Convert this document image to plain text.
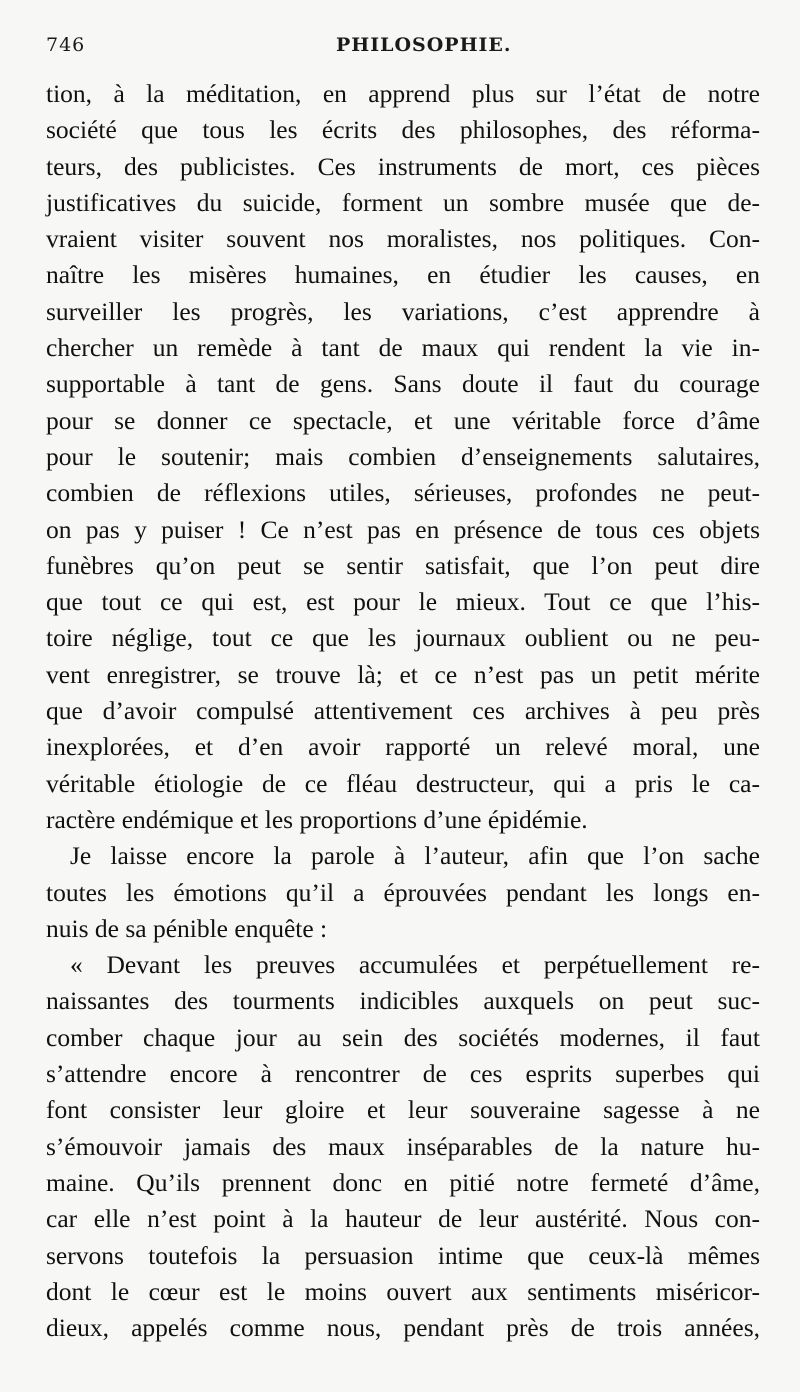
746	PHILOSOPHIE.
tion, à la méditation, en apprend plus sur l’état de notre
société que tous les écrits des philosophes, des réforma-
teurs, des publicistes. Ces instruments de mort, ces pièces
justificatives du suicide, forment un sombre musée que de-
vraient visiter souvent nos moralistes, nos politiques. Con-
naître les misères humaines, en étudier les causes, en
surveiller les progrès, les variations, c’est apprendre à
chercher un remède à tant de maux qui rendent la vie in-
supportable à tant de gens. Sans doute il faut du courage
pour se donner ce spectacle, et une véritable force d’âme
pour le soutenir; mais combien d’enseignements salutaires,
combien de réflexions utiles, sérieuses, profondes ne peut-
on pas y puiser ! Ce n’est pas en présence de tous ces objets
funèbres qu’on peut se sentir satisfait, que l’on peut dire
que tout ce qui est, est pour le mieux. Tout ce que l’his-
toire néglige, tout ce que les journaux oublient ou ne peu-
vent enregistrer, se trouve là; et ce n’est pas un petit mérite
que d’avoir compulsé attentivement ces archives à peu près
inexplorées, et d’en avoir rapporté un relevé moral, une
véritable étiologie de ce fléau destructeur, qui a pris le ca-
ractère endémique et les proportions d’une épidémie.
Je laisse encore la parole à l’auteur, afin que l’on sache
toutes les émotions qu’il a éprouvées pendant les longs en-
nuis de sa pénible enquête :
« Devant les preuves accumulées et perpétuellement re-
naissantes des tourments indicibles auxquels on peut suc-
comber chaque jour au sein des sociétés modernes, il faut
s’attendre encore à rencontrer de ces esprits superbes qui
font consister leur gloire et leur souveraine sagesse à ne
s’émouvoir jamais des maux inséparables de la nature hu-
maine. Qu’ils prennent donc en pitié notre fermeté d’âme,
car elle n’est point à la hauteur de leur austérité. Nous con-
servons toutefois la persuasion intime que ceux-là mêmes
dont le cœur est le moins ouvert aux sentiments miséricor-
dieux, appelés comme nous, pendant près de trois années,
